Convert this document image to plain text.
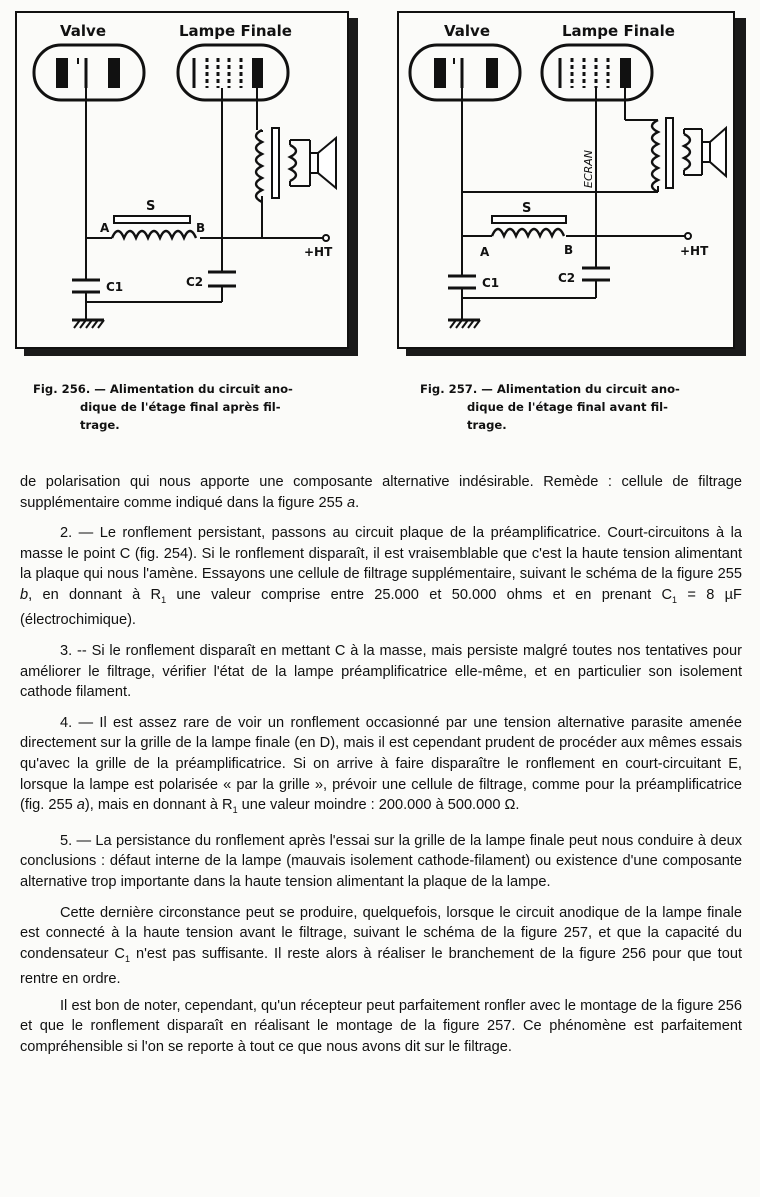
Valve	Lampe Finale
S
A	B
+HT
C1	C2
Fig. 256. — Alimentation du circuit ano-
dique de l'étage final après fil-
trage.
Valve	Lampe Finale
ECRAN
S
A	B	+HT
C1	C2
Fig. 257. — Alimentation du circuit ano-
dique de l'étage final avant fil-
trage.

de polarisation qui nous apporte une composante alternative indésirable. Remède : cellule de filtrage supplémentaire comme indiqué dans la figure 255 a.

2. — Le ronflement persistant, passons au circuit plaque de la préamplificatrice. Court-circuitons à la masse le point C (fig. 254). Si le ronflement disparaît, il est vraisemblable que c'est la haute tension alimentant la plaque qui nous l'amène. Essayons une cellule de filtrage supplémentaire, suivant le schéma de la figure 255 b, en donnant à $R_1$ une valeur comprise entre 25.000 et 50.000 ohms et en prenant $C_1 = 8$ µF (électrochimique).

3. -- Si le ronflement disparaît en mettant C à la masse, mais persiste malgré toutes nos tentatives pour améliorer le filtrage, vérifier l'état de la lampe préamplificatrice elle-même, et en particulier son isolement cathode filament.

4. — Il est assez rare de voir un ronflement occasionné par une tension alternative parasite amenée directement sur la grille de la lampe finale (en D), mais il est cependant prudent de procéder aux mêmes essais qu'avec la grille de la préamplificatrice. Si on arrive à faire disparaître le ronflement en court-circuitant E, lorsque la lampe est polarisée « par la grille », prévoir une cellule de filtrage, comme pour la préamplificatrice (fig. 255 a), mais en donnant à $R_1$ une valeur moindre : 200.000 à 500.000 Ω.

5. — La persistance du ronflement après l'essai sur la grille de la lampe finale peut nous conduire à deux conclusions : défaut interne de la lampe (mauvais isolement cathode-filament) ou existence d'une composante alternative trop importante dans la haute tension alimentant la plaque de la lampe.

Cette dernière circonstance peut se produire, quelquefois, lorsque le circuit anodique de la lampe finale est connecté à la haute tension avant le filtrage, suivant le schéma de la figure 257, et que la capacité du condensateur $C_1$ n'est pas suffisante. Il reste alors à réaliser le branchement de la figure 256 pour que tout rentre en ordre.

Il est bon de noter, cependant, qu'un récepteur peut parfaitement ronfler avec le montage de la figure 256 et que le ronflement disparaît en réalisant le montage de la figure 257. Ce phénomène est parfaitement compréhensible si l'on se reporte à tout ce que nous avons dit sur le filtrage.
